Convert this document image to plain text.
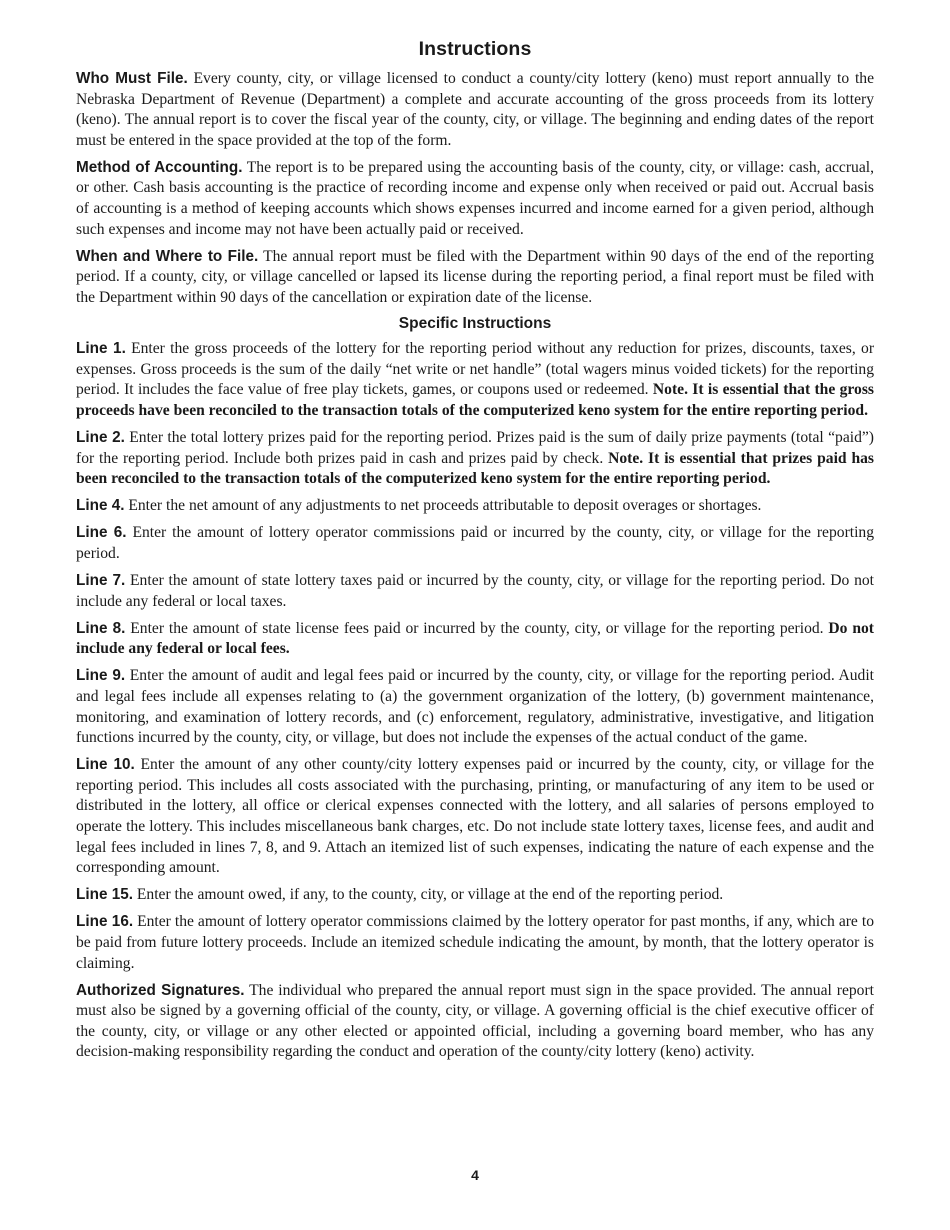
Instructions

Who Must File. Every county, city, or village licensed to conduct a county/city lottery (keno) must report annually to the Nebraska Department of Revenue (Department) a complete and accurate accounting of the gross proceeds from its lottery (keno). The annual report is to cover the fiscal year of the county, city, or village. The beginning and ending dates of the report must be entered in the space provided at the top of the form.

Method of Accounting. The report is to be prepared using the accounting basis of the county, city, or village: cash, accrual, or other. Cash basis accounting is the practice of recording income and expense only when received or paid out. Accrual basis of accounting is a method of keeping accounts which shows expenses incurred and income earned for a given period, although such expenses and income may not have been actually paid or received.

When and Where to File. The annual report must be filed with the Department within 90 days of the end of the reporting period. If a county, city, or village cancelled or lapsed its license during the reporting period, a final report must be filed with the Department within 90 days of the cancellation or expiration date of the license.

Specific Instructions

Line 1. Enter the gross proceeds of the lottery for the reporting period without any reduction for prizes, discounts, taxes, or expenses. Gross proceeds is the sum of the daily “net write or net handle” (total wagers minus voided tickets) for the reporting period. It includes the face value of free play tickets, games, or coupons used or redeemed. Note. It is essential that the gross proceeds have been reconciled to the transaction totals of the computerized keno system for the entire reporting period.

Line 2. Enter the total lottery prizes paid for the reporting period. Prizes paid is the sum of daily prize payments (total “paid”) for the reporting period. Include both prizes paid in cash and prizes paid by check. Note. It is essential that prizes paid has been reconciled to the transaction totals of the computerized keno system for the entire reporting period.

Line 4. Enter the net amount of any adjustments to net proceeds attributable to deposit overages or shortages.

Line 6. Enter the amount of lottery operator commissions paid or incurred by the county, city, or village for the reporting period.

Line 7. Enter the amount of state lottery taxes paid or incurred by the county, city, or village for the reporting period. Do not include any federal or local taxes.

Line 8. Enter the amount of state license fees paid or incurred by the county, city, or village for the reporting period. Do not include any federal or local fees.

Line 9. Enter the amount of audit and legal fees paid or incurred by the county, city, or village for the reporting period. Audit and legal fees include all expenses relating to (a) the government organization of the lottery, (b) government maintenance, monitoring, and examination of lottery records, and (c) enforcement, regulatory, administrative, investigative, and litigation functions incurred by the county, city, or village, but does not include the expenses of the actual conduct of the game.

Line 10. Enter the amount of any other county/city lottery expenses paid or incurred by the county, city, or village for the reporting period. This includes all costs associated with the purchasing, printing, or manufacturing of any item to be used or distributed in the lottery, all office or clerical expenses connected with the lottery, and all salaries of persons employed to operate the lottery. This includes miscellaneous bank charges, etc. Do not include state lottery taxes, license fees, and audit and legal fees included in lines 7, 8, and 9. Attach an itemized list of such expenses, indicating the nature of each expense and the corresponding amount.

Line 15. Enter the amount owed, if any, to the county, city, or village at the end of the reporting period.

Line 16. Enter the amount of lottery operator commissions claimed by the lottery operator for past months, if any, which are to be paid from future lottery proceeds. Include an itemized schedule indicating the amount, by month, that the lottery operator is claiming.

Authorized Signatures. The individual who prepared the annual report must sign in the space provided. The annual report must also be signed by a governing official of the county, city, or village. A governing official is the chief executive officer of the county, city, or village or any other elected or appointed official, including a governing board member, who has any decision-making responsibility regarding the conduct and operation of the county/city lottery (keno) activity.

4
